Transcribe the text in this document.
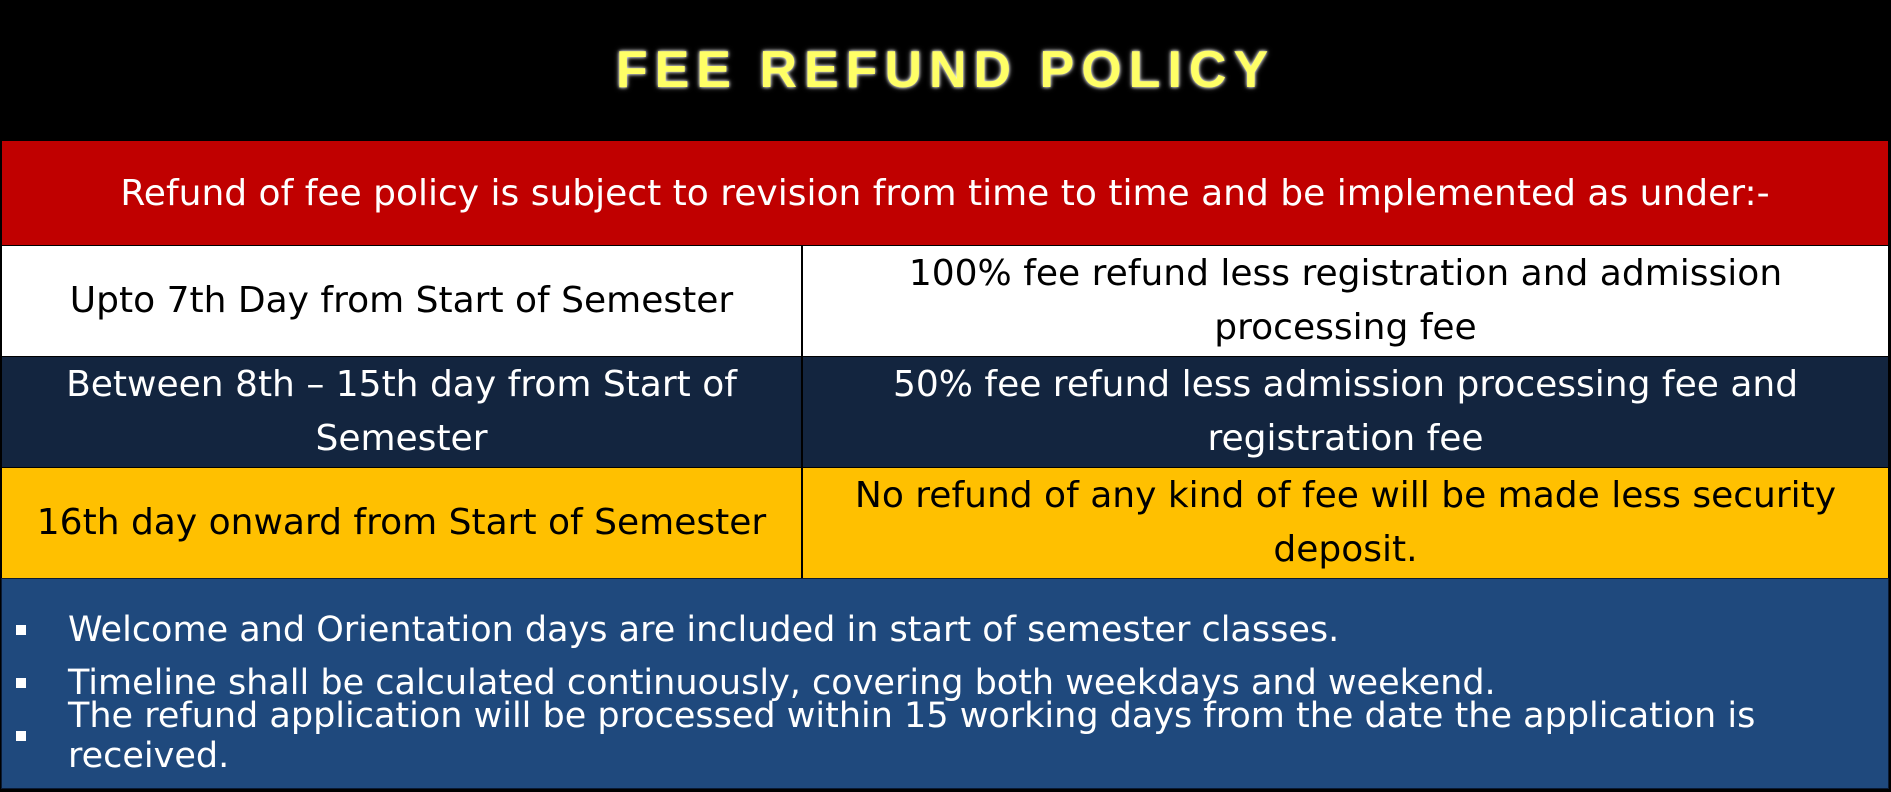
FEE REFUND POLICY
Refund of fee policy is subject to revision from time to time and be implemented as under:-
Upto 7th Day from Start of Semester
100% fee refund less registration and admission processing fee
Between 8th – 15th day from Start of Semester
50% fee refund less admission processing fee and registration fee
16th day onward from Start of Semester
No refund of any kind of fee will be made less security deposit.
Welcome and Orientation days are included in start of semester classes.
Timeline shall be calculated continuously, covering both weekdays and weekend.
The refund application will be processed within 15 working days from the date the application is received.
